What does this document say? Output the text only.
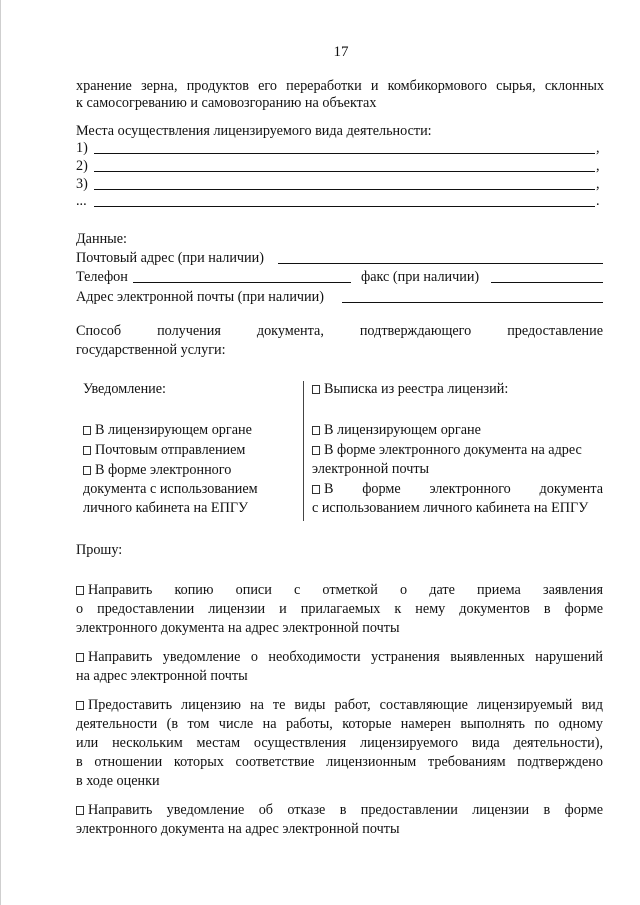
17
хранение зерна, продуктов его переработки и комбикормового сырья, склонных
к самосогреванию и самовозгоранию на объектах
Места осуществления лицензируемого вида деятельности:
1)	,
2)	,
3)	,
...	.
Данные:
Почтовый адрес (при наличии)
Телефон	факс (при наличии)
Адрес электронной почты (при наличии)
Способ получения документа, подтверждающего предоставление
государственной услуги:
Уведомление:
В лицензирующем органе
Почтовым отправлением
В форме электронного
документа с использованием
личного кабинета на ЕПГУ
Выписка из реестра лицензий:
В лицензирующем органе
В форме электронного документа на адрес
электронной почты
В форме электронного документа
с использованием личного кабинета на ЕПГУ
Прошу:
Направить копию описи с отметкой о дате приема заявления
о предоставлении лицензии и прилагаемых к нему документов в форме
электронного документа на адрес электронной почты
Направить уведомление о необходимости устранения выявленных нарушений
на адрес электронной почты
Предоставить лицензию на те виды работ, составляющие лицензируемый вид
деятельности (в том числе на работы, которые намерен выполнять по одному
или нескольким местам осуществления лицензируемого вида деятельности),
в отношении которых соответствие лицензионным требованиям подтверждено
в ходе оценки
Направить уведомление об отказе в предоставлении лицензии в форме
электронного документа на адрес электронной почты
